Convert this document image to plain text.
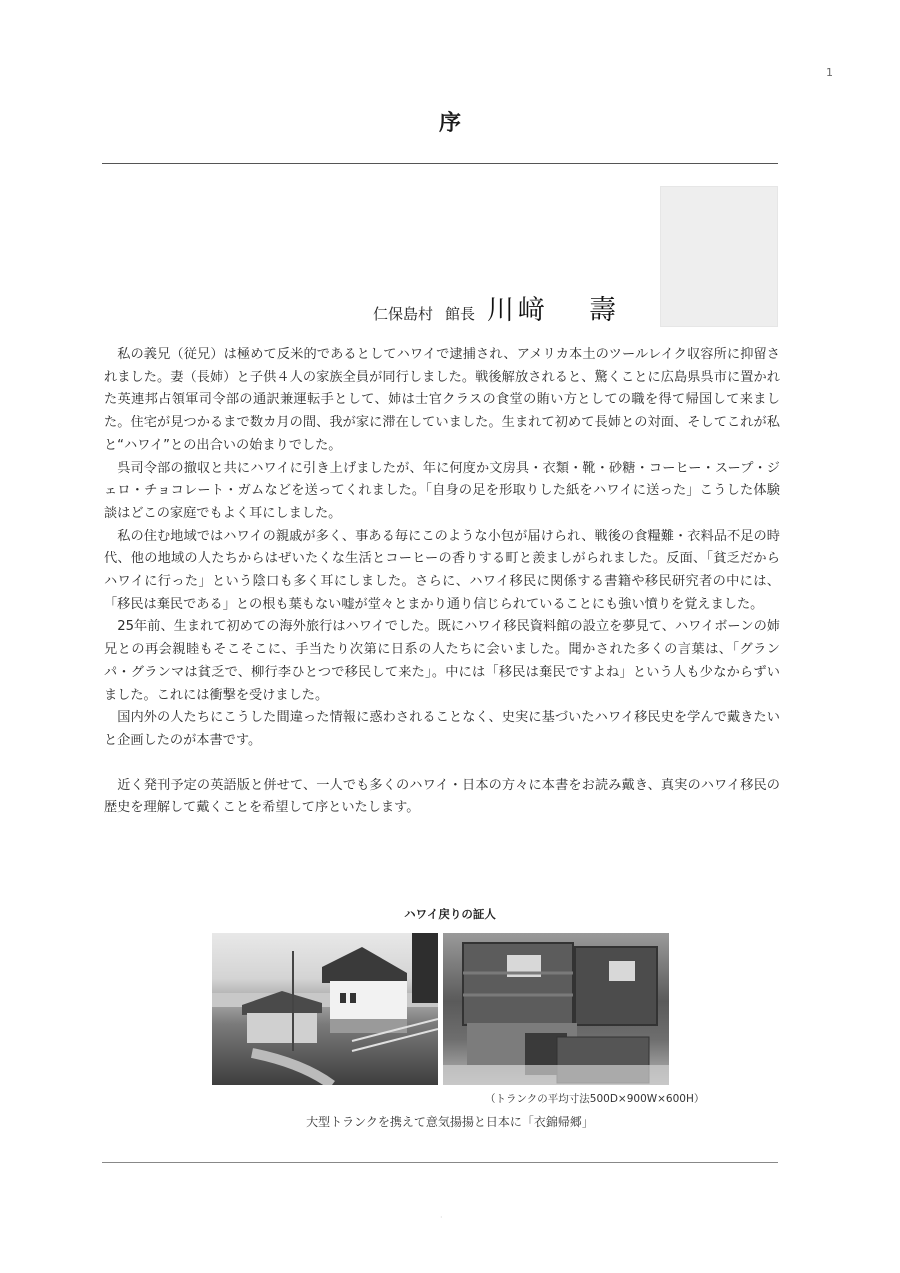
1
序
仁保島村 館長 川﨑 壽

私の義兄（従兄）は極めて反米的であるとしてハワイで逮捕され、アメリカ本土のツールレイク収容所に抑留されました。妻（長姉）と子供４人の家族全員が同行しました。戦後解放されると、驚くことに広島県呉市に置かれた英連邦占領軍司令部の通訳兼運転手として、姉は士官クラスの食堂の賄い方としての職を得て帰国して来ました。住宅が見つかるまで数カ月の間、我が家に滞在していました。生まれて初めて長姉との対面、そしてこれが私と“ハワイ”との出合いの始まりでした。

呉司令部の撤収と共にハワイに引き上げましたが、年に何度か文房具・衣類・靴・砂糖・コーヒー・スープ・ジェロ・チョコレート・ガムなどを送ってくれました。「自身の足を形取りした紙をハワイに送った」こうした体験談はどこの家庭でもよく耳にしました。

私の住む地域ではハワイの親戚が多く、事ある毎にこのような小包が届けられ、戦後の食糧難・衣料品不足の時代、他の地域の人たちからはぜいたくな生活とコーヒーの香りする町と羨ましがられました。反面、「貧乏だからハワイに行った」という陰口も多く耳にしました。さらに、ハワイ移民に関係する書籍や移民研究者の中には、「移民は棄民である」との根も葉もない嘘が堂々とまかり通り信じられていることにも強い憤りを覚えました。

25年前、生まれて初めての海外旅行はハワイでした。既にハワイ移民資料館の設立を夢見て、ハワイボーンの姉兄との再会親睦もそこそこに、手当たり次第に日系の人たちに会いました。聞かされた多くの言葉は、「グランパ・グランマは貧乏で、柳行李ひとつで移民して来た」。中には「移民は棄民ですよね」という人も少なからずいました。これには衝撃を受けました。

国内外の人たちにこうした間違った情報に惑わされることなく、史実に基づいたハワイ移民史を学んで戴きたいと企画したのが本書です。

近く発刊予定の英語版と併せて、一人でも多くのハワイ・日本の方々に本書をお読み戴き、真実のハワイ移民の歴史を理解して戴くことを希望して序といたします。

ハワイ戻りの証人
（トランクの平均寸法500D×900W×600H）
大型トランクを携えて意気揚揚と日本に「衣錦帰郷」
·
